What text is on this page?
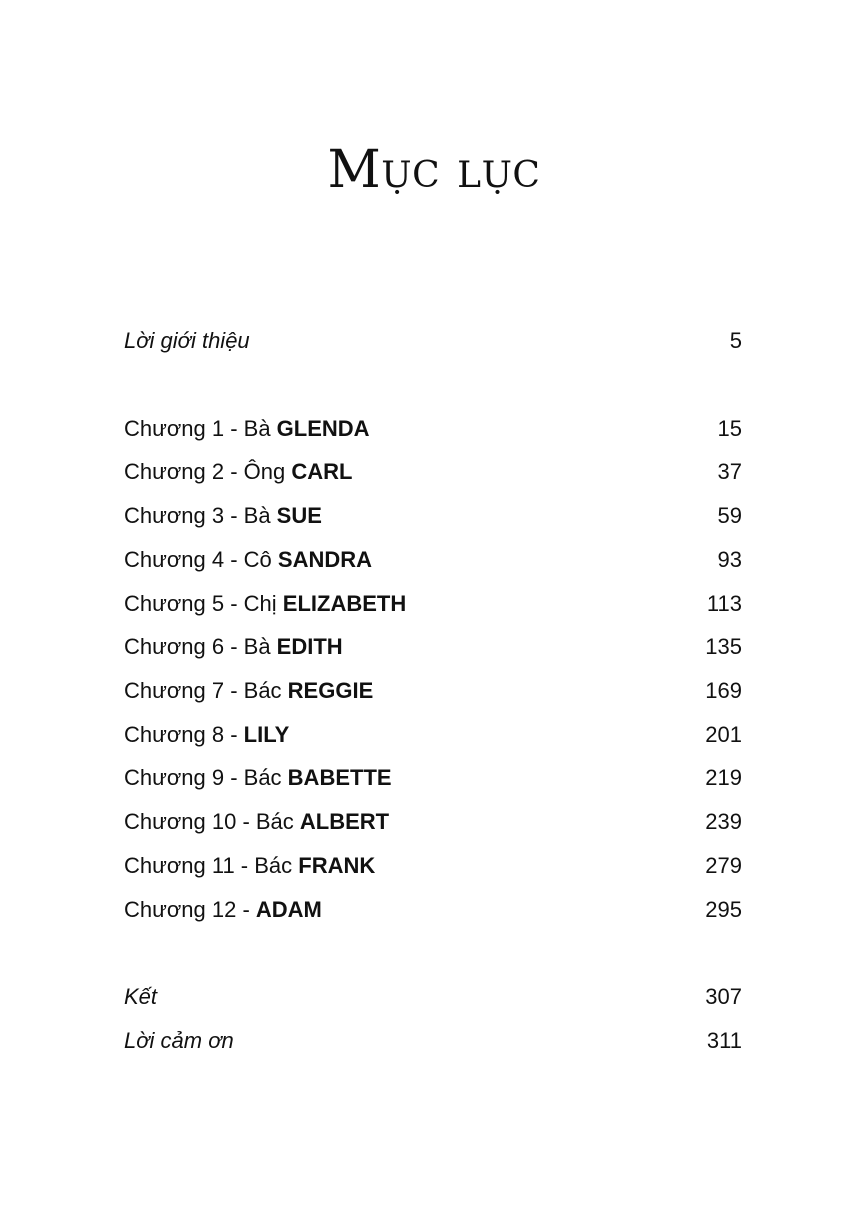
Mục lục
Lời giới thiệu	5
Chương 1 - Bà GLENDA	15
Chương 2 - Ông CARL	37
Chương 3 - Bà SUE	59
Chương 4 - Cô SANDRA	93
Chương 5 - Chị ELIZABETH	113
Chương 6 - Bà EDITH	135
Chương 7 - Bác REGGIE	169
Chương 8 - LILY	201
Chương 9 - Bác BABETTE	219
Chương 10 - Bác ALBERT	239
Chương 11 - Bác FRANK	279
Chương 12 - ADAM	295
Kết	307
Lời cảm ơn	311
